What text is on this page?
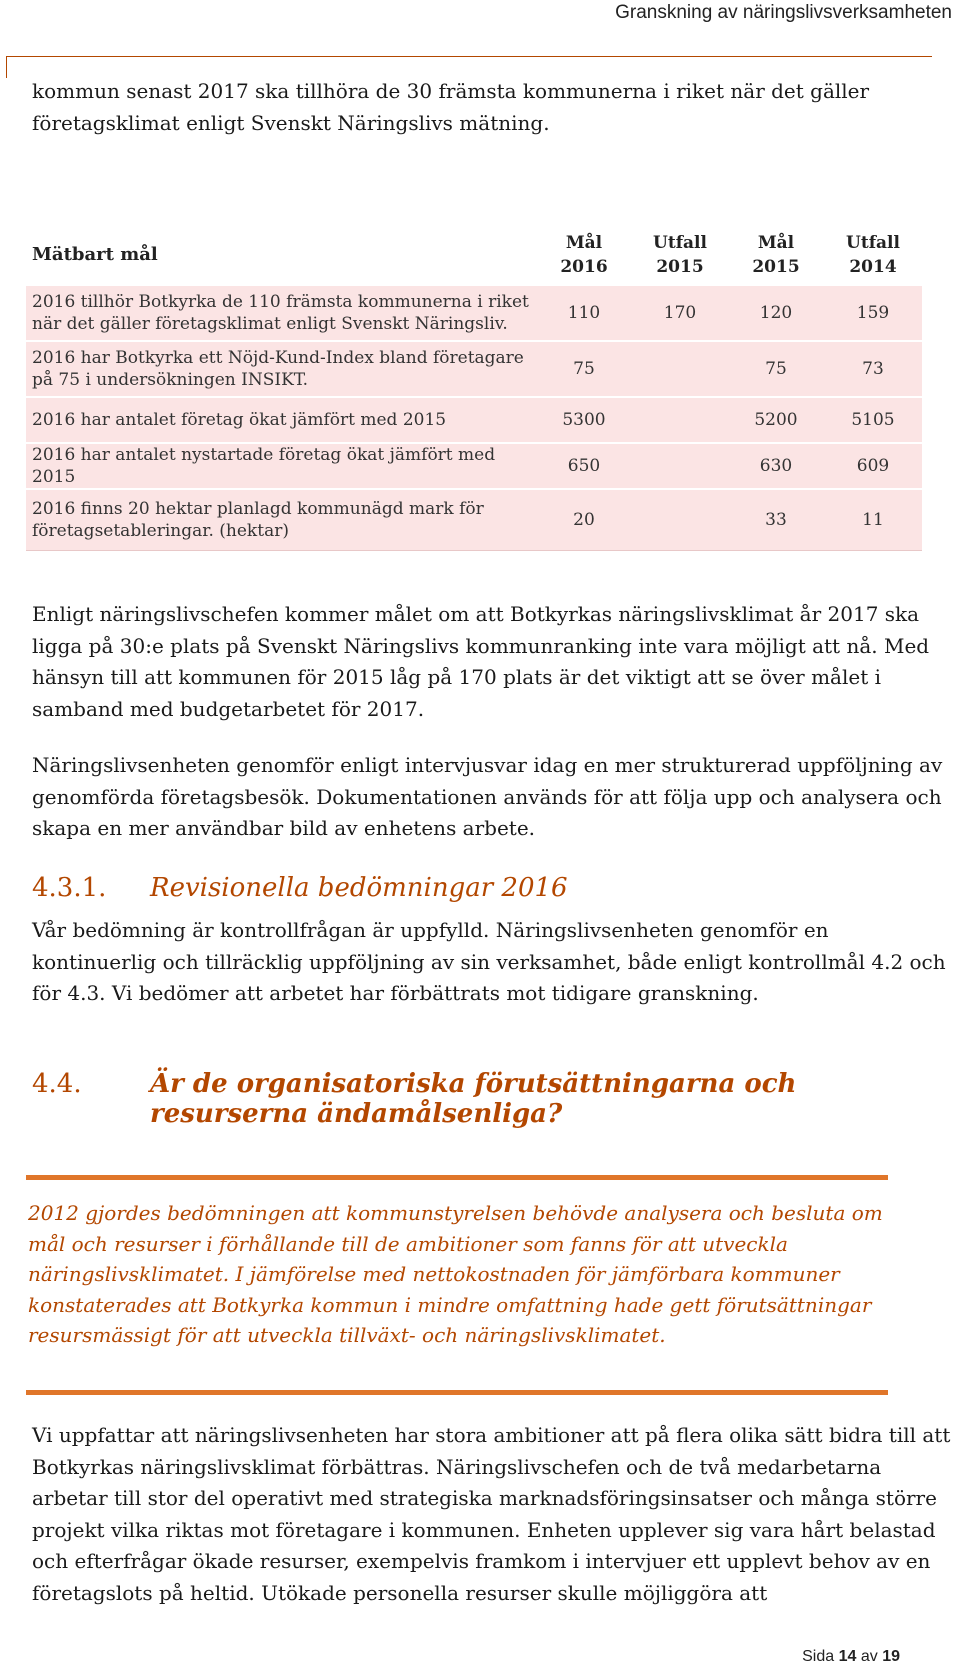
Granskning av näringslivsverksamheten

kommun senast 2017 ska tillhöra de 30 främsta kommunerna i riket när det gäller
företagsklimat enligt Svenskt Näringslivs mätning.

Mätbart mål	Mål 2016	Utfall 2015	Mål 2015	Utfall 2014
2016 tillhör Botkyrka de 110 främsta kommunerna i riket när det gäller företagsklimat enligt Svenskt Näringsliv.	110	170	120	159
2016 har Botkyrka ett Nöjd-Kund-Index bland företagare på 75 i undersökningen INSIKT.	75		75	73
2016 har antalet företag ökat jämfört med 2015	5300		5200	5105
2016 har antalet nystartade företag ökat jämfört med 2015	650		630	609
2016 finns 20 hektar planlagd kommunägd mark för företagsetableringar. (hektar)	20		33	11

Enligt näringslivschefen kommer målet om att Botkyrkas näringslivsklimat år 2017 ska ligga på 30:e plats på Svenskt Näringslivs kommunranking inte vara möjligt att nå. Med hänsyn till att kommunen för 2015 låg på 170 plats är det viktigt att se över målet i samband med budgetarbetet för 2017.

Näringslivsenheten genomför enligt intervjusvar idag en mer strukturerad uppföljning av genomförda företagsbesök. Dokumentationen används för att följa upp och analysera och skapa en mer användbar bild av enhetens arbete.

4.3.1. Revisionella bedömningar 2016

Vår bedömning är kontrollfrågan är uppfylld. Näringslivsenheten genomför en kontinuerlig och tillräcklig uppföljning av sin verksamhet, både enligt kontrollmål 4.2 och för 4.3. Vi bedömer att arbetet har förbättrats mot tidigare granskning.

4.4.	Är de organisatoriska förutsättningarna och resurserna ändamålsenliga?

2012 gjordes bedömningen att kommunstyrelsen behövde analysera och besluta om mål och resurser i förhållande till de ambitioner som fanns för att utveckla näringslivsklimatet. I jämförelse med nettokostnaden för jämförbara kommuner konstaterades att Botkyrka kommun i mindre omfattning hade gett förutsättningar resursmässigt för att utveckla tillväxt- och näringslivsklimatet.

Vi uppfattar att näringslivsenheten har stora ambitioner att på flera olika sätt bidra till att Botkyrkas näringslivsklimat förbättras. Näringslivschefen och de två medarbetarna arbetar till stor del operativt med strategiska marknadsföringsinsatser och många större projekt vilka riktas mot företagare i kommunen. Enheten upplever sig vara hårt belastad och efterfrågar ökade resurser, exempelvis framkom i intervjuer ett upplevt behov av en företagslots på heltid. Utökade personella resurser skulle möjliggöra att

Sida 14 av 19
